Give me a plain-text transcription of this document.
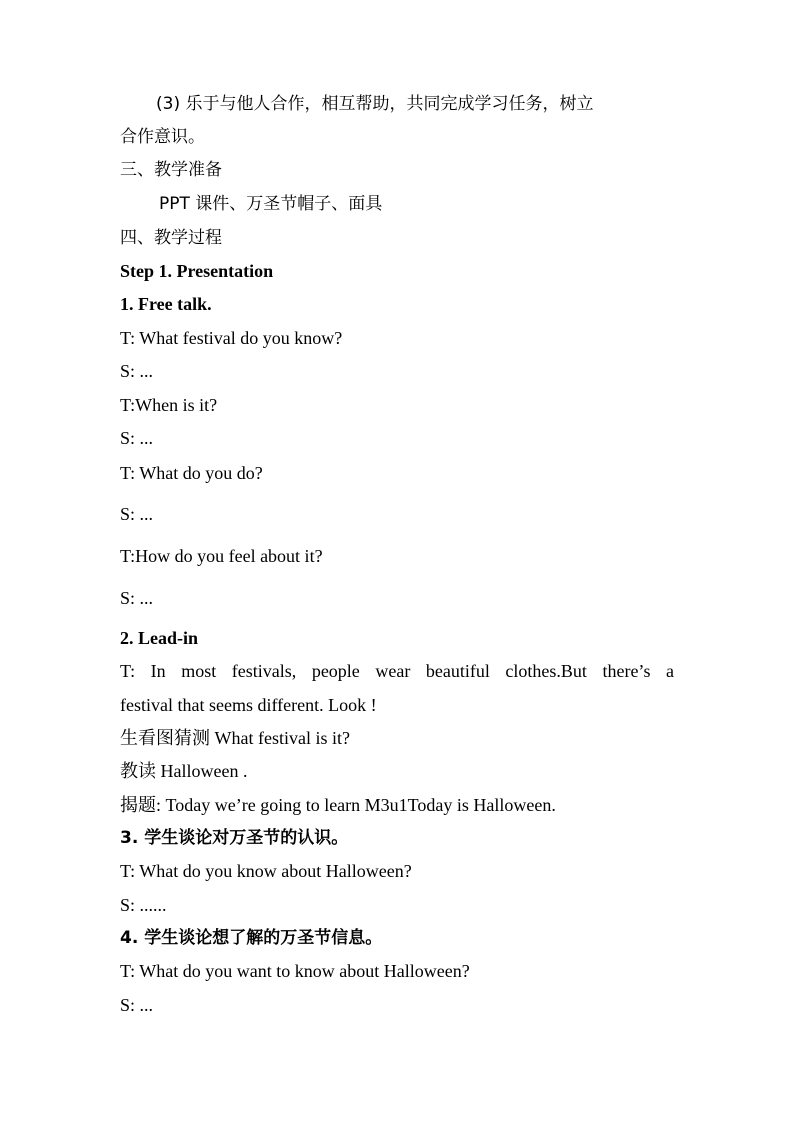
(3) 乐于与他人合作，相互帮助，共同完成学习任务，树立
合作意识。
三、教学准备
PPT 课件、万圣节帽子、面具
四、教学过程
Step 1. Presentation
1. Free talk.
T: What festival do you know?
S: ...
T:When is it?
S: ...
T: What do you do?
S: ...
T:How do you feel about it?
S: ...
2. Lead-in
T: In most festivals, people wear beautiful clothes.But there’s a
festival that seems different. Look !
生看图猜测 What festival is it?
教读 Halloween .
揭题: Today we’re going to learn M3u1Today is Halloween.
3. 学生谈论对万圣节的认识。
T: What do you know about Halloween?
S: ......
4. 学生谈论想了解的万圣节信息。
T: What do you want to know about Halloween?
S: ...
